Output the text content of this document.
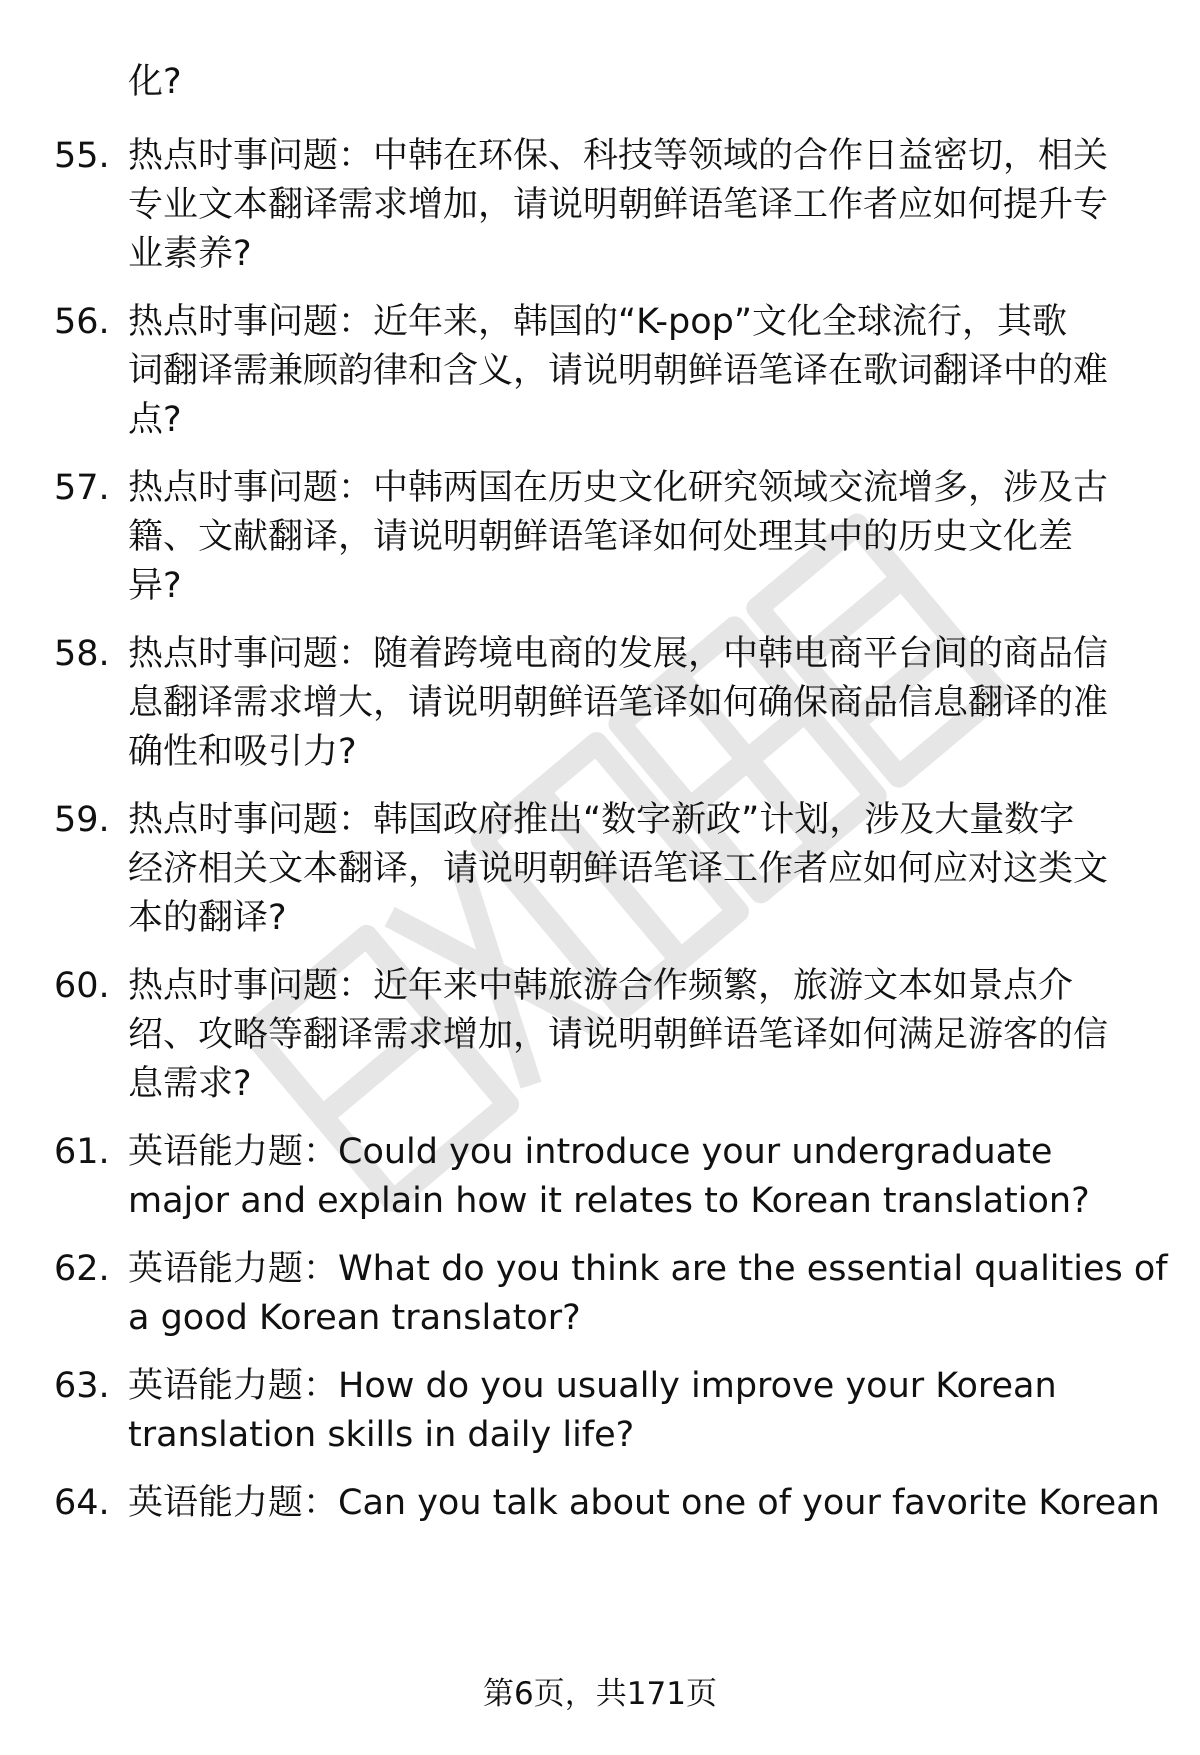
化?

55. 热点时事问题：中韩在环保、科技等领域的合作日益密切，相关
专业文本翻译需求增加，请说明朝鲜语笔译工作者应如何提升专
业素养?

56. 热点时事问题：近年来，韩国的“K-pop”文化全球流行，其歌
词翻译需兼顾韵律和含义，请说明朝鲜语笔译在歌词翻译中的难
点?

57. 热点时事问题：中韩两国在历史文化研究领域交流增多，涉及古
籍、文献翻译，请说明朝鲜语笔译如何处理其中的历史文化差
异?

58. 热点时事问题：随着跨境电商的发展，中韩电商平台间的商品信
息翻译需求增大，请说明朝鲜语笔译如何确保商品信息翻译的准
确性和吸引力?

59. 热点时事问题：韩国政府推出“数字新政”计划，涉及大量数字
经济相关文本翻译，请说明朝鲜语笔译工作者应如何应对这类文
本的翻译?

60. 热点时事问题：近年来中韩旅游合作频繁，旅游文本如景点介
绍、攻略等翻译需求增加，请说明朝鲜语笔译如何满足游客的信
息需求?

61. 英语能力题：Could you introduce your undergraduate
major and explain how it relates to Korean translation?

62. 英语能力题：What do you think are the essential qualities of
a good Korean translator?

63. 英语能力题：How do you usually improve your Korean
translation skills in daily life?

64. 英语能力题：Can you talk about one of your favorite Korean

第6页，共171页
